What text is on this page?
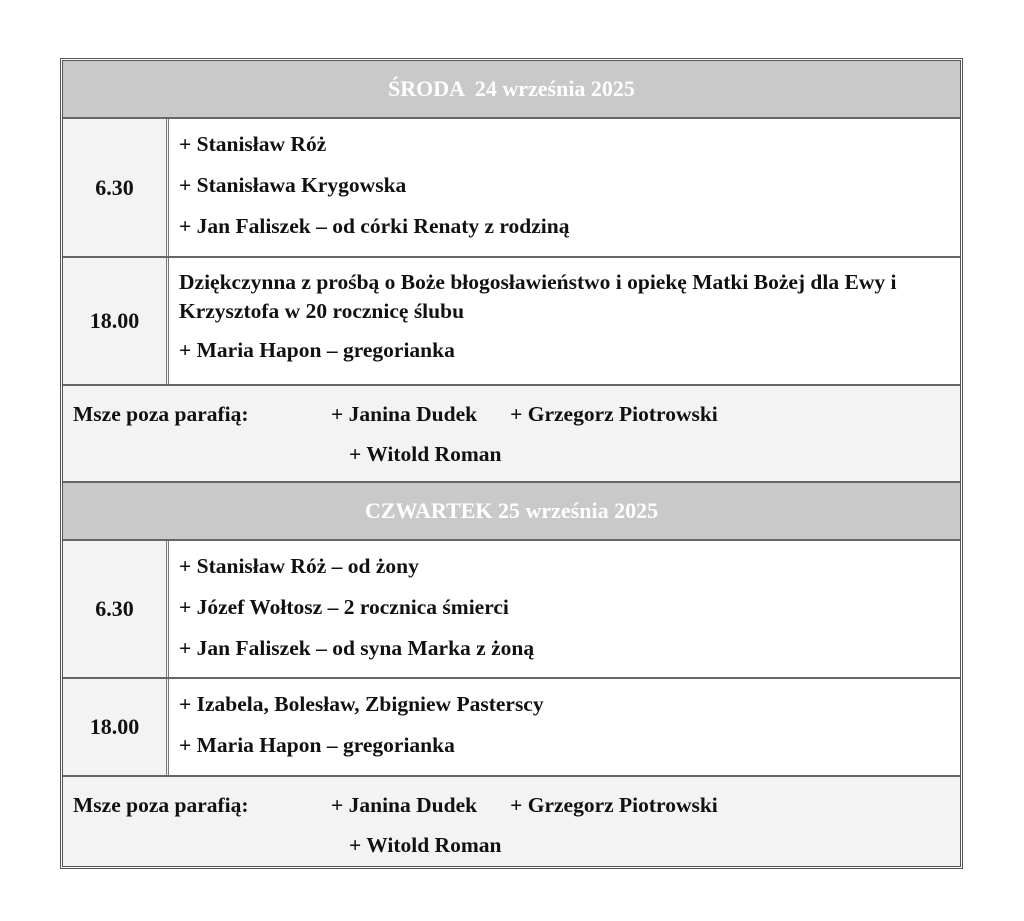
ŚRODA  24 września 2025
6.30
+ Stanisław Róż
+ Stanisława Krygowska
+ Jan Faliszek – od córki Renaty z rodziną
18.00
Dziękczynna z prośbą o Boże błogosławieństwo i opiekę Matki Bożej dla Ewy i Krzysztofa w 20 rocznicę ślubu
+ Maria Hapon – gregorianka
Msze poza parafią:	+ Janina Dudek + Grzegorz Piotrowski
+ Witold Roman
CZWARTEK 25 września 2025
6.30
+ Stanisław Róż – od żony
+ Józef Wołtosz – 2 rocznica śmierci
+ Jan Faliszek – od syna Marka z żoną
18.00
+ Izabela, Bolesław, Zbigniew Pasterscy
+ Maria Hapon – gregorianka
Msze poza parafią:	+ Janina Dudek + Grzegorz Piotrowski
+ Witold Roman
